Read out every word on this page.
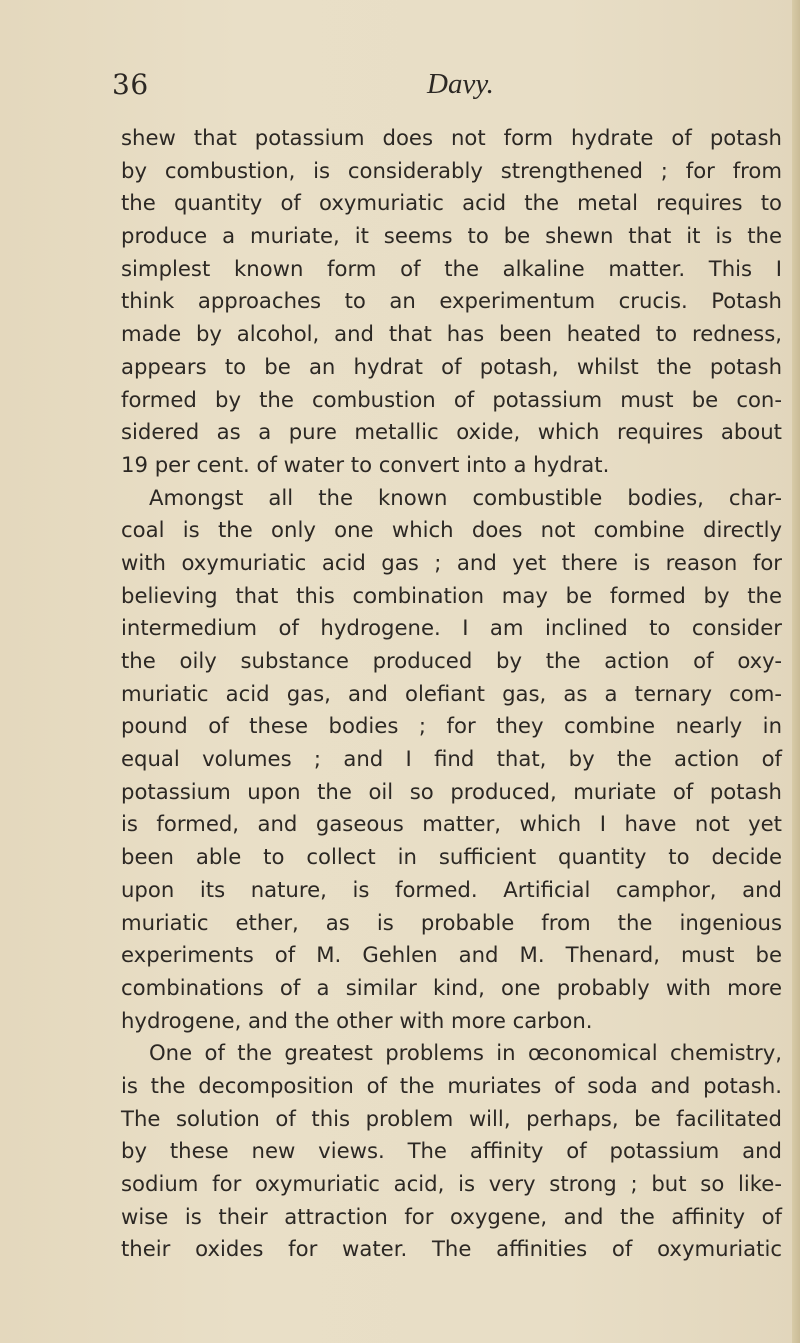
36	Davy.
shew that potassium does not form hydrate of potash
by combustion, is considerably strengthened ; for from
the quantity of oxymuriatic acid the metal requires to
produce a muriate, it seems to be shewn that it is the
simplest known form of the alkaline matter. This I
think approaches to an experimentum crucis. Potash
made by alcohol, and that has been heated to redness,
appears to be an hydrat of potash, whilst the potash
formed by the combustion of potassium must be con-
sidered as a pure metallic oxide, which requires about
19 per cent. of water to convert into a hydrat.
Amongst all the known combustible bodies, char-
coal is the only one which does not combine directly
with oxymuriatic acid gas ; and yet there is reason for
believing that this combination may be formed by the
intermedium of hydrogene. I am inclined to consider
the oily substance produced by the action of oxy-
muriatic acid gas, and olefiant gas, as a ternary com-
pound of these bodies ; for they combine nearly in
equal volumes ; and I find that, by the action of
potassium upon the oil so produced, muriate of potash
is formed, and gaseous matter, which I have not yet
been able to collect in sufficient quantity to decide
upon its nature, is formed. Artificial camphor, and
muriatic ether, as is probable from the ingenious
experiments of M. Gehlen and M. Thenard, must be
combinations of a similar kind, one probably with more
hydrogene, and the other with more carbon.
One of the greatest problems in œconomical chemistry,
is the decomposition of the muriates of soda and potash.
The solution of this problem will, perhaps, be facilitated
by these new views. The affinity of potassium and
sodium for oxymuriatic acid, is very strong ; but so like-
wise is their attraction for oxygene, and the affinity of
their oxides for water. The affinities of oxymuriatic
